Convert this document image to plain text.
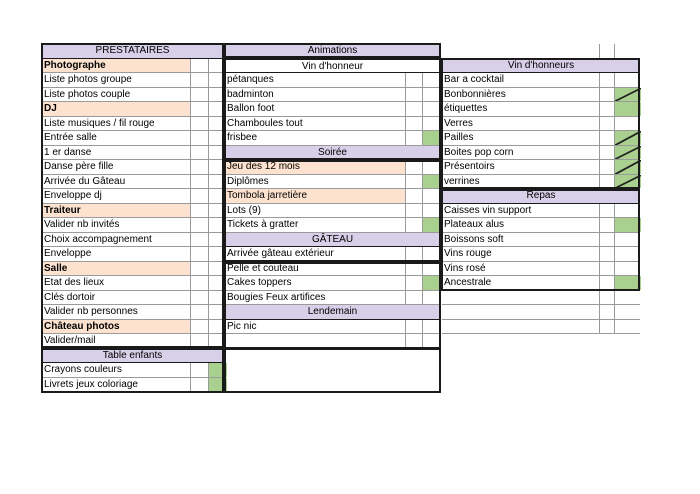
PRESTATAIRES
Photographe
Liste photos groupe
Liste photos couple
DJ
Liste musiques / fil rouge
Entrée salle
1 er danse
Danse père fille
Arrivée du Gâteau
Enveloppe dj
Traiteur
Valider nb invités
Choix accompagnement
Enveloppe
Salle
Etat des lieux
Clés dortoir
Valider nb personnes
Château photos
Valider/mail
Table enfants
Crayons couleurs
Livrets jeux coloriage
Animations
Vin d'honneur
pétanques
badminton
Ballon foot
Chamboules tout
frisbee
Soirée
Jeu des 12 mois
Diplômes
Tombola jarretière
Lots (9)
Tickets à gratter
GÂTEAU
Arrivée gâteau extérieur
Pelle et couteau
Cakes toppers
Bougies Feux artifices
Lendemain
Pic nic
Vin d'honneurs
Bar a cocktail
Bonbonnières
étiquettes
Verres
Pailles
Boites pop corn
Présentoirs
verrines
Repas
Caisses vin support
Plateaux alus
Boissons soft
Vins rouge
Vins rosé
Ancestrale
